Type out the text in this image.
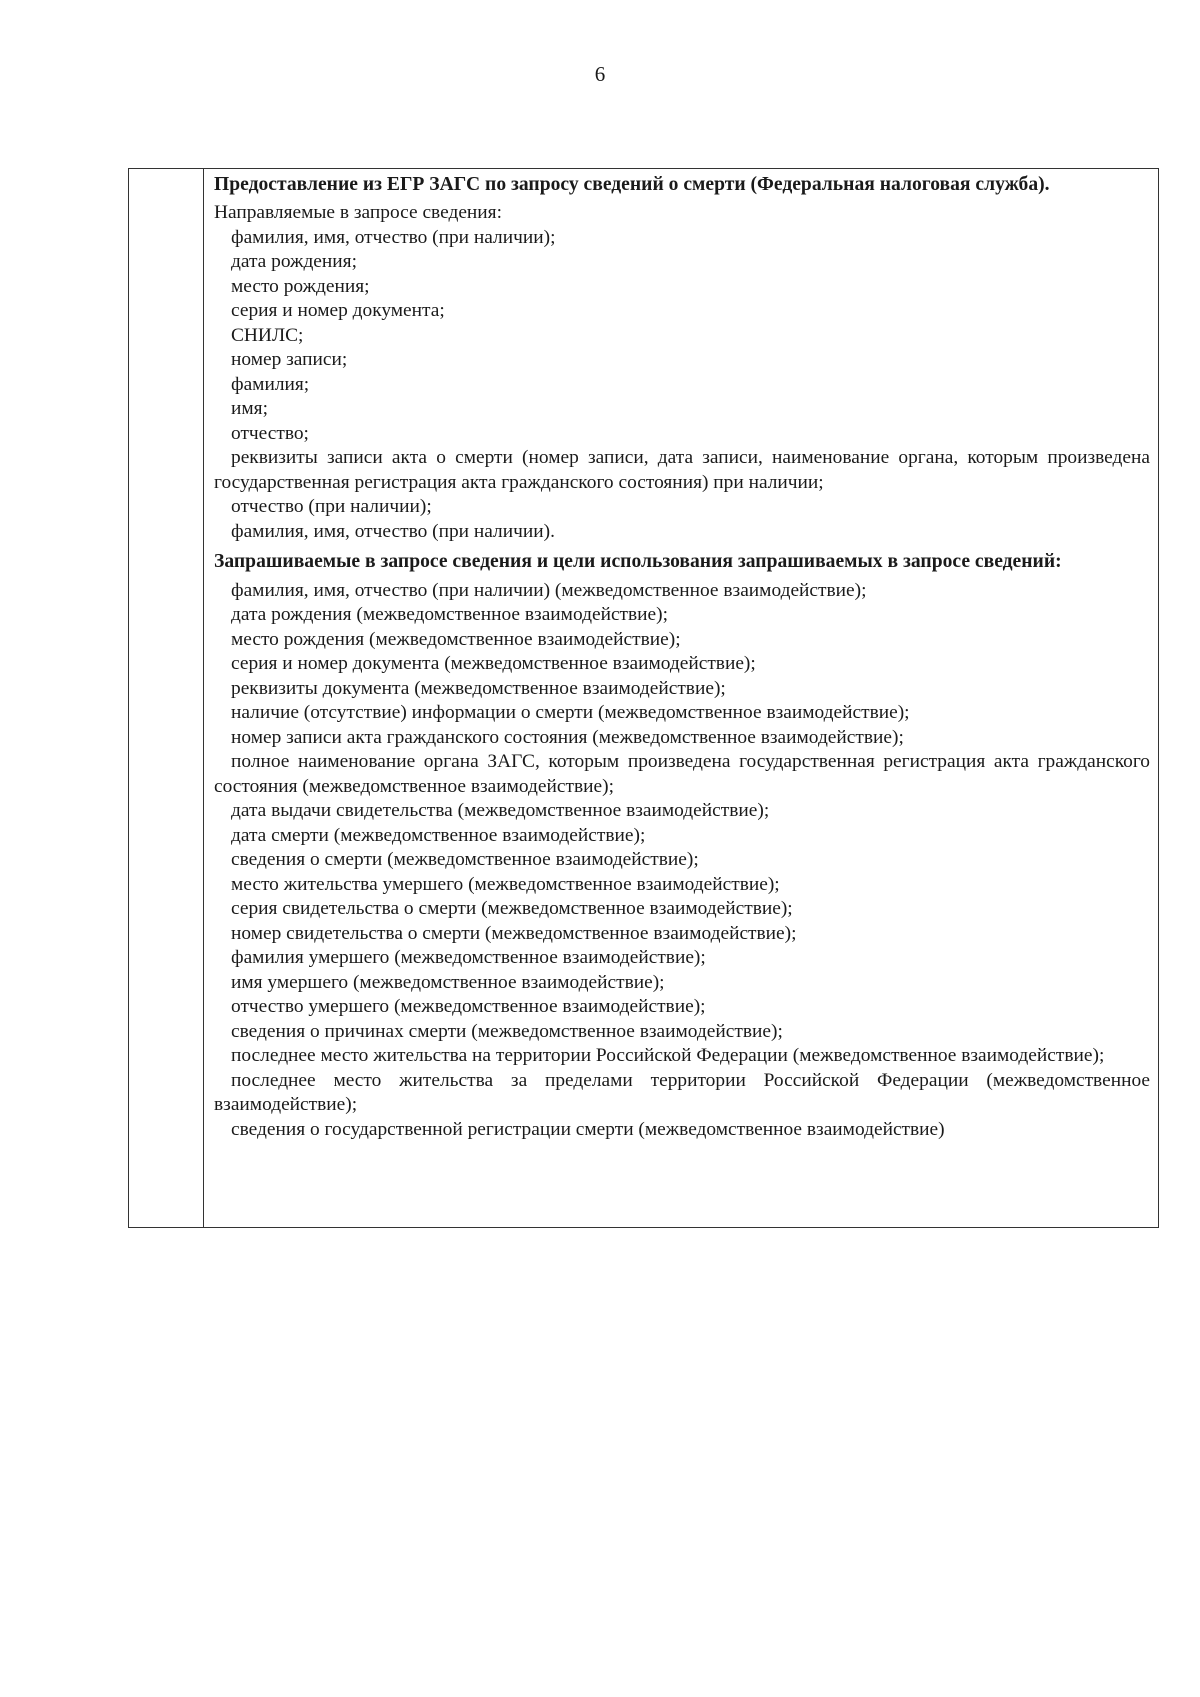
6

Предоставление из ЕГР ЗАГС по запросу сведений о смерти (Федеральная налоговая служба).

Направляемые в запросе сведения:

фамилия, имя, отчество (при наличии);

дата рождения;

место рождения;

серия и номер документа;

СНИЛС;

номер записи;

фамилия;

имя;

отчество;

реквизиты записи акта о смерти (номер записи, дата записи, наименование органа, которым произведена государственная регистрация акта гражданского состояния) при наличии;

отчество (при наличии);

фамилия, имя, отчество (при наличии).

Запрашиваемые в запросе сведения и цели использования запрашиваемых в запросе сведений:

фамилия, имя, отчество (при наличии) (межведомственное взаимодействие);

дата рождения (межведомственное взаимодействие);

место рождения (межведомственное взаимодействие);

серия и номер документа (межведомственное взаимодействие);

реквизиты документа (межведомственное взаимодействие);

наличие (отсутствие) информации о смерти (межведомственное взаимодействие);

номер записи акта гражданского состояния (межведомственное взаимодействие);

полное наименование органа ЗАГС, которым произведена государственная регистрация акта гражданского состояния (межведомственное взаимодействие);

дата выдачи свидетельства (межведомственное взаимодействие);

дата смерти (межведомственное взаимодействие);

сведения о смерти (межведомственное взаимодействие);

место жительства умершего (межведомственное взаимодействие);

серия свидетельства о смерти (межведомственное взаимодействие);

номер свидетельства о смерти (межведомственное взаимодействие);

фамилия умершего (межведомственное взаимодействие);

имя умершего (межведомственное взаимодействие);

отчество умершего (межведомственное взаимодействие);

сведения о причинах смерти (межведомственное взаимодействие);

последнее место жительства на территории Российской Федерации (межведомственное взаимодействие);

последнее место жительства за пределами территории Российской Федерации (межведомственное взаимодействие);

сведения о государственной регистрации смерти (межведомственное взаимодействие)
